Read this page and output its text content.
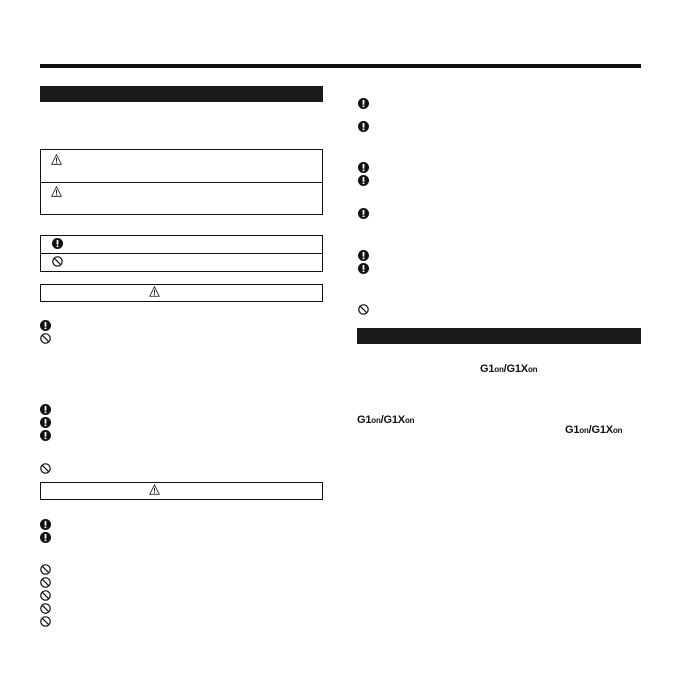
G1on/G1Xon
G1on/G1Xon
G1on/G1Xon
